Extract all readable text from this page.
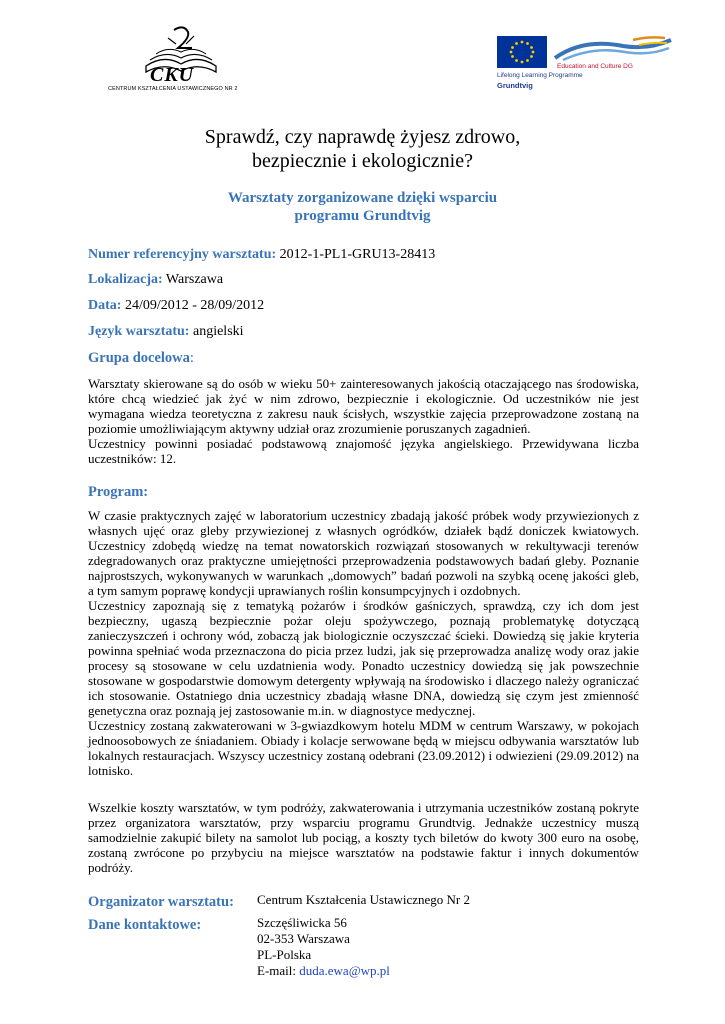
CKU
CENTRUM KSZTAŁCENIA USTAWICZNEGO NR 2
Education and Culture DG
Lifelong Learning Programme
Grundtvig
Sprawdź, czy naprawdę żyjesz zdrowo,
bezpiecznie i ekologicznie?
Warsztaty zorganizowane dzięki wsparciu
programu Grundtvig
Numer referencyjny warsztatu: 2012-1-PL1-GRU13-28413
Lokalizacja: Warszawa
Data: 24/09/2012 - 28/09/2012
Język warsztatu: angielski
Grupa docelowa:

Warsztaty skierowane są do osób w wieku 50+ zainteresowanych jakością otaczającego nas środowiska, które chcą wiedzieć jak żyć w nim zdrowo, bezpiecznie i ekologicznie. Od uczestników nie jest wymagana wiedza teoretyczna z zakresu nauk ścisłych, wszystkie zajęcia przeprowadzone zostaną na poziomie umożliwiającym aktywny udział oraz zrozumienie poruszanych zagadnień.

Uczestnicy powinni posiadać podstawową znajomość języka angielskiego. Przewidywana liczba uczestników: 12.

Program:

W czasie praktycznych zajęć w laboratorium uczestnicy zbadają jakość próbek wody przywiezionych z własnych ujęć oraz gleby przywiezionej z własnych ogródków, działek bądź doniczek kwiatowych. Uczestnicy zdobędą wiedzę na temat nowatorskich rozwiązań stosowanych w rekultywacji terenów zdegradowanych oraz praktyczne umiejętności przeprowadzenia podstawowych badań gleby. Poznanie najprostszych, wykonywanych w warunkach „domowych” badań pozwoli na szybką ocenę jakości gleb, a tym samym poprawę kondycji uprawianych roślin konsumpcyjnych i ozdobnych.

Uczestnicy zapoznają się z tematyką pożarów i środków gaśniczych, sprawdzą, czy ich dom jest bezpieczny, ugaszą bezpiecznie pożar oleju spożywczego, poznają problematykę dotyczącą zanieczyszczeń i ochrony wód, zobaczą jak biologicznie oczyszczać ścieki. Dowiedzą się jakie kryteria powinna spełniać woda przeznaczona do picia przez ludzi, jak się przeprowadza analizę wody oraz jakie procesy są stosowane w celu uzdatnienia wody. Ponadto uczestnicy dowiedzą się jak powszechnie stosowane w gospodarstwie domowym detergenty wpływają na środowisko i dlaczego należy ograniczać ich stosowanie. Ostatniego dnia uczestnicy zbadają własne DNA, dowiedzą się czym jest zmienność genetyczna oraz poznają jej zastosowanie m.in. w diagnostyce medycznej.

Uczestnicy zostaną zakwaterowani w 3-gwiazdkowym hotelu MDM w centrum Warszawy, w pokojach jednoosobowych ze śniadaniem. Obiady i kolacje serwowane będą w miejscu odbywania warsztatów lub lokalnych restauracjach. Wszyscy uczestnicy zostaną odebrani (23.09.2012) i odwiezieni (29.09.2012) na lotnisko.

Wszelkie koszty warsztatów, w tym podróży, zakwaterowania i utrzymania uczestników zostaną pokryte przez organizatora warsztatów, przy wsparciu programu Grundtvig. Jednakże uczestnicy muszą samodzielnie zakupić bilety na samolot lub pociąg, a koszty tych biletów do kwoty 300 euro na osobę, zostaną zwrócone po przybyciu na miejsce warsztatów na podstawie faktur i innych dokumentów podróży.

Organizator warsztatu: Centrum Kształcenia Ustawicznego Nr 2
Dane kontaktowe:	Szczęśliwicka 56
02-353 Warszawa
PL-Polska
E-mail: duda.ewa@wp.pl
